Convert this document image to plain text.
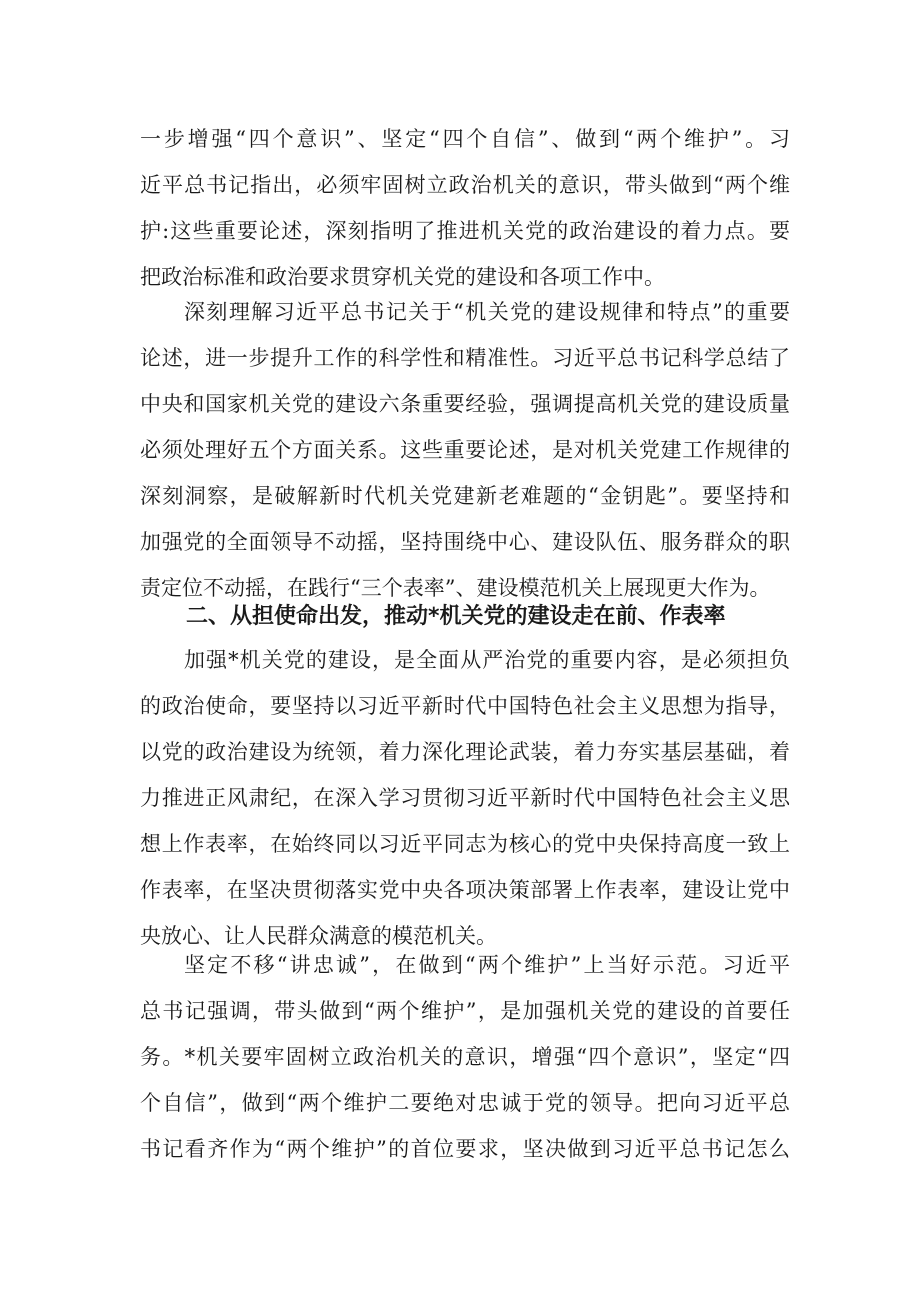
一步增强“四个意识”、坚定“四个自信”、做到“两个维护”。习
近平总书记指出，必须牢固树立政治机关的意识，带头做到“两个维
护:这些重要论述，深刻指明了推进机关党的政治建设的着力点。要
把政治标准和政治要求贯穿机关党的建设和各项工作中。
深刻理解习近平总书记关于“机关党的建设规律和特点”的重要
论述，进一步提升工作的科学性和精准性。习近平总书记科学总结了
中央和国家机关党的建设六条重要经验，强调提高机关党的建设质量
必须处理好五个方面关系。这些重要论述，是对机关党建工作规律的
深刻洞察，是破解新时代机关党建新老难题的“金钥匙”。要坚持和
加强党的全面领导不动摇，坚持围绕中心、建设队伍、服务群众的职
责定位不动摇，在践行“三个表率”、建设模范机关上展现更大作为。
二、从担使命出发，推动*机关党的建设走在前、作表率
加强*机关党的建设，是全面从严治党的重要内容，是必须担负
的政治使命，要坚持以习近平新时代中国特色社会主义思想为指导，
以党的政治建设为统领，着力深化理论武装，着力夯实基层基础，着
力推进正风肃纪，在深入学习贯彻习近平新时代中国特色社会主义思
想上作表率，在始终同以习近平同志为核心的党中央保持高度一致上
作表率，在坚决贯彻落实党中央各项决策部署上作表率，建设让党中
央放心、让人民群众满意的模范机关。
坚定不移“讲忠诚”，在做到“两个维护”上当好示范。习近平
总书记强调，带头做到“两个维护”，是加强机关党的建设的首要任
务。*机关要牢固树立政治机关的意识，增强“四个意识”，坚定“四
个自信”，做到“两个维护二要绝对忠诚于党的领导。把向习近平总
书记看齐作为“两个维护”的首位要求，坚决做到习近平总书记怎么
